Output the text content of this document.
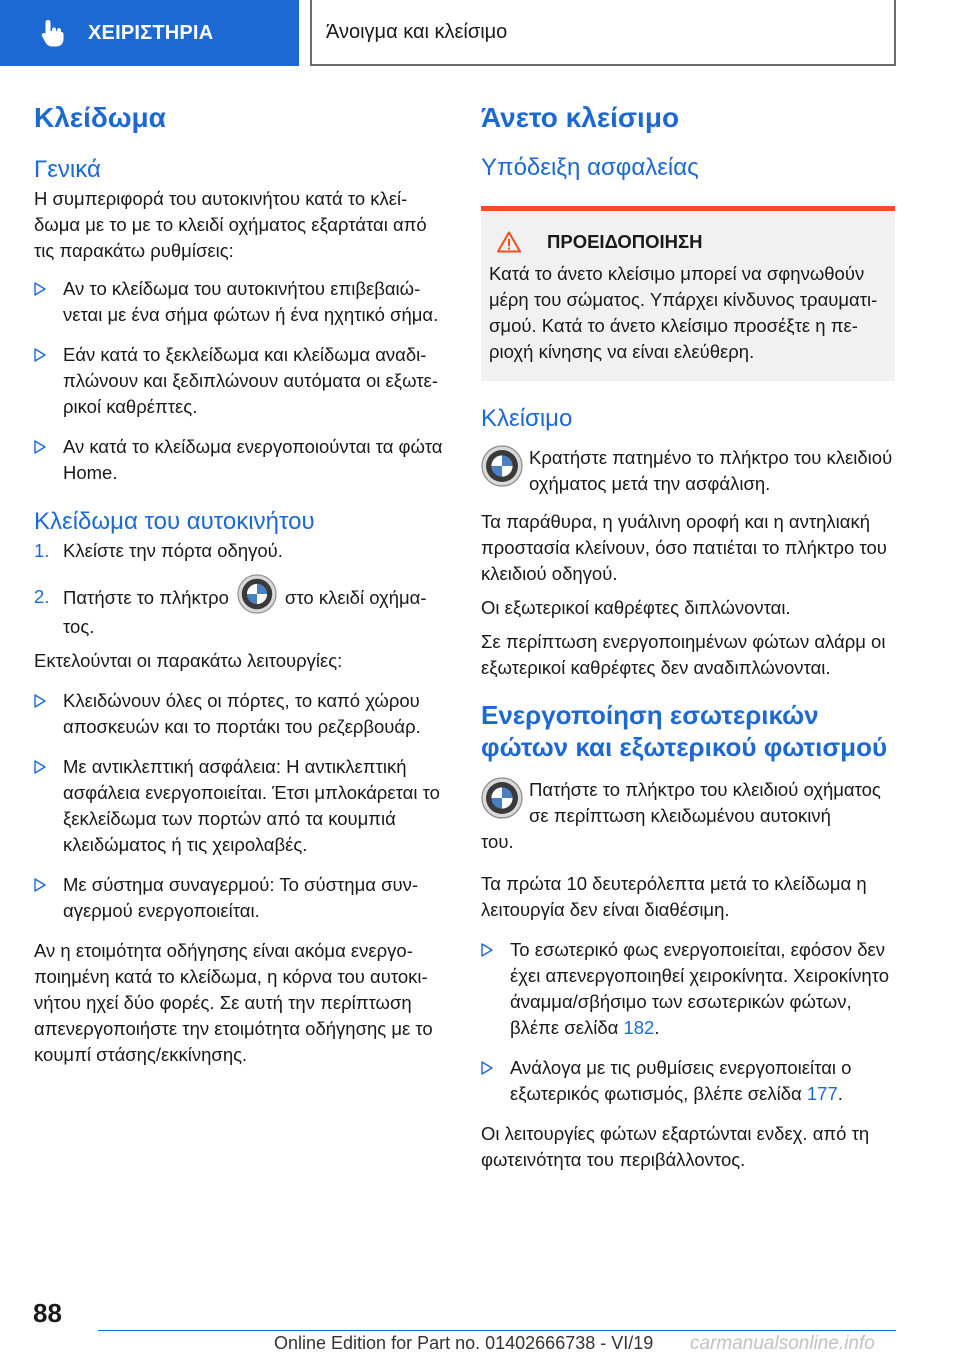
ΧΕΙΡΙΣΤΗΡΙΑ	Άνοιγμα και κλείσιμο
Κλείδωμα
Γενικά

Η συμπεριφορά του αυτοκινήτου κατά το κλείδωμα με το με το κλειδί οχήματος εξαρτάται από τις παρακάτω ρυθμίσεις:

Αν το κλείδωμα του αυτοκινήτου επιβεβαιώνεται με ένα σήμα φώτων ή ένα ηχητικό σήμα.
Εάν κατά το ξεκλείδωμα και κλείδωμα αναδιπλώνουν και ξεδιπλώνουν αυτόματα οι εξωτερικοί καθρέπτες.
Αν κατά το κλείδωμα ενεργοποιούνται τα φώτα Home.
Κλείδωμα του αυτοκινήτου
1. Κλείστε την πόρτα οδηγού.
2. Πατήστε το πλήκτρο	στο κλειδί οχήματος.

Εκτελούνται οι παρακάτω λειτουργίες:

Κλειδώνουν όλες οι πόρτες, το καπό χώρου αποσκευών και το πορτάκι του ρεζερβουάρ.
Με αντικλεπτική ασφάλεια: Η αντικλεπτική ασφάλεια ενεργοποιείται. Έτσι μπλοκάρεται το ξεκλείδωμα των πορτών από τα κουμπιά κλειδώματος ή τις χειρολαβές.
Με σύστημα συναγερμού: Το σύστημα συναγερμού ενεργοποιείται.

Αν η ετοιμότητα οδήγησης είναι ακόμα ενεργοποιημένη κατά το κλείδωμα, η κόρνα του αυτοκινήτου ηχεί δύο φορές. Σε αυτή την περίπτωση απενεργοποιήστε την ετοιμότητα οδήγησης με το κουμπί στάσης/εκκίνησης.

Άνετο κλείσιμο
Υπόδειξη ασφαλείας
ΠΡΟΕΙΔΟΠΟΙΗΣΗ

Κατά το άνετο κλείσιμο μπορεί να σφηνωθούν μέρη του σώματος. Υπάρχει κίνδυνος τραυματισμού. Κατά το άνετο κλείσιμο προσέξτε η περιοχή κίνησης να είναι ελεύθερη.

Κλείσιμο

Κρατήστε πατημένο το πλήκτρο του κλειδιού οχήματος μετά την ασφάλιση.

Τα παράθυρα, η γυάλινη οροφή και η αντηλιακή προστασία κλείνουν, όσο πατιέται το πλήκτρο του κλειδιού οδηγού.

Οι εξωτερικοί καθρέφτες διπλώνονται.

Σε περίπτωση ενεργοποιημένων φώτων αλάρμ οι εξωτερικοί καθρέφτες δεν αναδιπλώνονται.

Ενεργοποίηση εσωτερικών φώτων και εξωτερικού φωτισμού

Πατήστε το πλήκτρο του κλειδιού οχήματος σε περίπτωση κλειδωμένου αυτοκινή

του.

Τα πρώτα 10 δευτερόλεπτα μετά το κλείδωμα η λειτουργία δεν είναι διαθέσιμη.

Το εσωτερικό φως ενεργοποιείται, εφόσον δεν έχει απενεργοποιηθεί χειροκίνητα. Χειροκίνητο άναμμα/σβήσιμο των εσωτερικών φώτων, βλέπε σελίδα 182.
Ανάλογα με τις ρυθμίσεις ενεργοποιείται ο εξωτερικός φωτισμός, βλέπε σελίδα 177.

Οι λειτουργίες φώτων εξαρτώνται ενδεχ. από τη φωτεινότητα του περιβάλλοντος.

88
Online Edition for Part no. 01402666738 - VI/19 carmanualsonline.info
